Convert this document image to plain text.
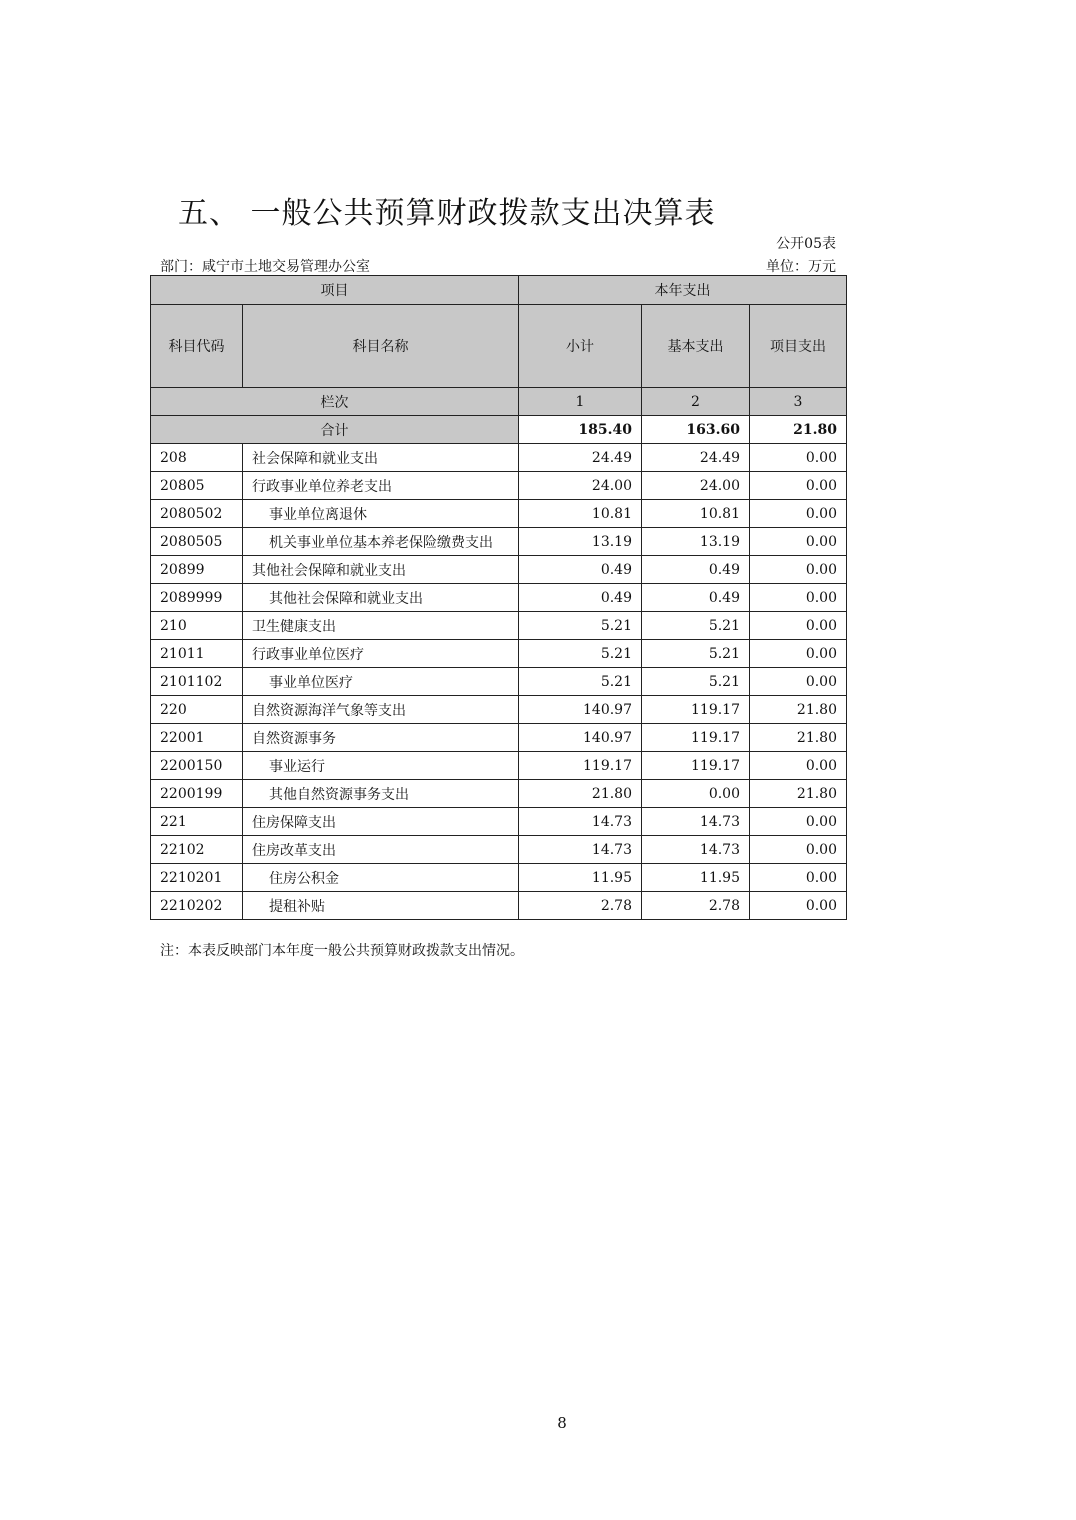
五、 一般公共预算财政拨款支出决算表
公开05表
部门：咸宁市土地交易管理办公室	单位：万元
项目		本年支出		
科目代码	科目名称	小计	基本支出	项目支出
栏次		1	2	3
合计		185.40	163.60	21.80
208	社会保障和就业支出	24.49	24.49	0.00
20805	行政事业单位养老支出	24.00	24.00	0.00
2080502	事业单位离退休	10.81	10.81	0.00
2080505	机关事业单位基本养老保险缴费支出	13.19	13.19	0.00
20899	其他社会保障和就业支出	0.49	0.49	0.00
2089999	其他社会保障和就业支出	0.49	0.49	0.00
210	卫生健康支出	5.21	5.21	0.00
21011	行政事业单位医疗	5.21	5.21	0.00
2101102	事业单位医疗	5.21	5.21	0.00
220	自然资源海洋气象等支出	140.97	119.17	21.80
22001	自然资源事务	140.97	119.17	21.80
2200150	事业运行	119.17	119.17	0.00
2200199	其他自然资源事务支出	21.80	0.00	21.80
221	住房保障支出	14.73	14.73	0.00
22102	住房改革支出	14.73	14.73	0.00
2210201	住房公积金	11.95	11.95	0.00
2210202	提租补贴	2.78	2.78	0.00
注：本表反映部门本年度一般公共预算财政拨款支出情况。
8
